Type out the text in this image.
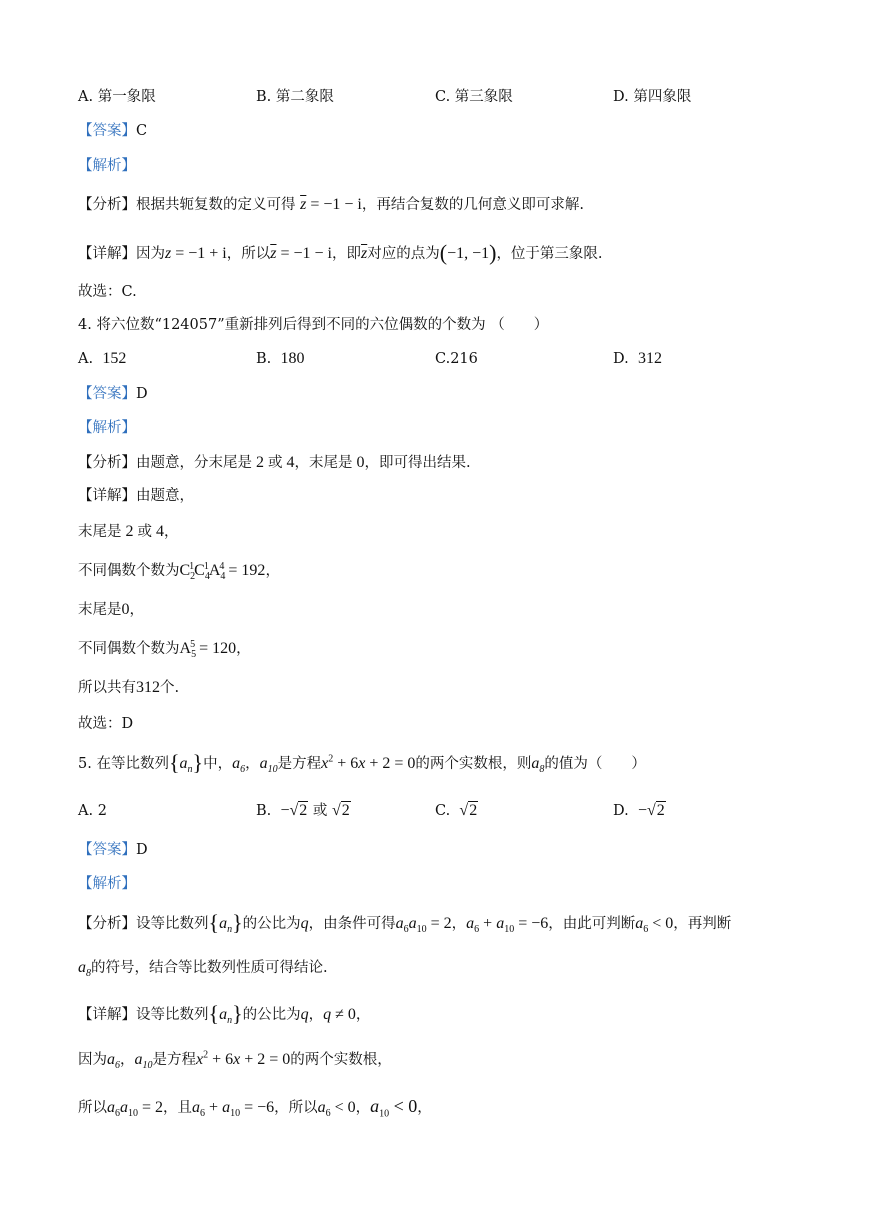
A. 第一象限	B. 第二象限	C. 第三象限	D. 第四象限
【答案】C
【解析】
【分析】根据共轭复数的定义可得 $\overline{z} = -1 - i$，再结合复数的几何意义即可求解.
【详解】因为z = −1 + i，所以$\overline{z} = -1 - i$，即$\overline{z}$对应的点为(−1, −1)，位于第三象限.
故选：C.
4. 将六位数“124057”重新排列后得到不同的六位偶数的个数为 （　　）
A. 152	B. 180	C.216	D. 312
【答案】D
【解析】
【分析】由题意，分末尾是 2 或 4，末尾是 0，即可得出结果.
【详解】由题意，
末尾是 2 或 4，
不同偶数个数为$C_2^1C_4^1A_4^4 = 192$，
末尾是0，
不同偶数个数为$A_5^5 = 120$，
所以共有312个.
故选：D
5. 在等比数列$\{a_n\}$中，$a_6$，$a_{10}$是方程$x^2 + 6x + 2 = 0$的两个实数根，则$a_8$的值为（　　）
A. 2	B. −√2 或 √2	C. √2	D. −√2
【答案】D
【解析】
【分析】设等比数列$\{a_n\}$的公比为q，由条件可得$a_6a_{10} = 2$，$a_6 + a_{10} = -6$，由此可判断$a_6 < 0$，再判断
$a_8$的符号，结合等比数列性质可得结论.
【详解】设等比数列$\{a_n\}$的公比为q，q ≠ 0，
因为$a_6$，$a_{10}$是方程$x^2 + 6x + 2 = 0$的两个实数根，
所以$a_6a_{10} = 2$，且$a_6 + a_{10} = -6$，所以$a_6 < 0$，$a_{10} < 0$，
